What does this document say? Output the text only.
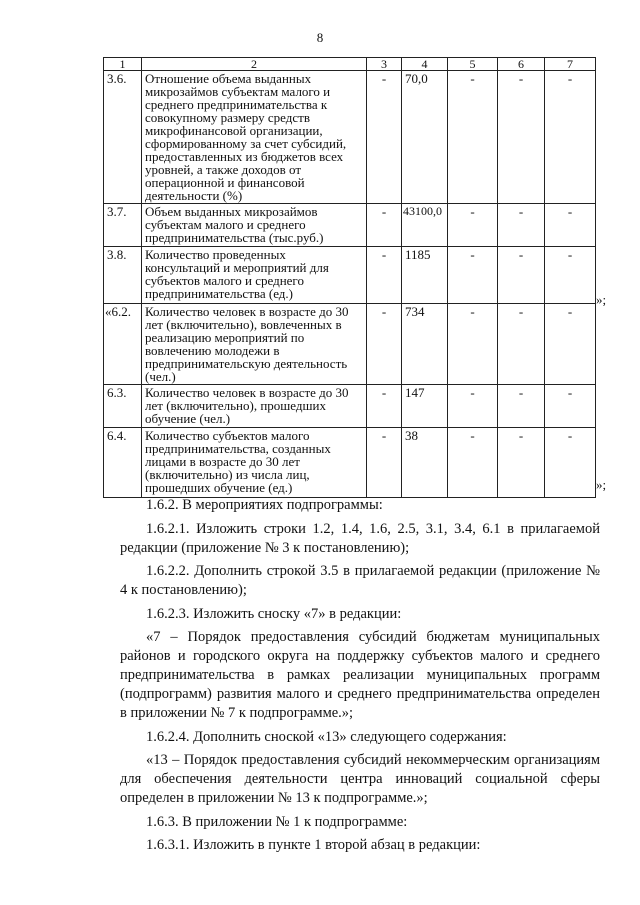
8
1	2	3	4	5	6	7
3.6.	Отношение объема выданных микрозаймов субъектам малого и среднего предпринимательства к совокупному размеру средств микрофинансовой организации, сформированному за счет субсидий, предоставленных из бюджетов всех уровней, а также доходов от операционной и финансовой деятельности (%)	-	70,0	-	-	-
3.7.	Объем выданных микрозаймов субъектам малого и среднего предпринимательства (тыс.руб.)	-	43100,0	-	-	-
3.8.	Количество проведенных консультаций и мероприятий для субъектов малого и среднего предпринимательства (ед.)	-	1185	-	-	-
«6.2.	Количество человек в возрасте до 30 лет (включительно), вовлеченных в реализацию мероприятий по вовлечению молодежи в предпринимательскую деятельность (чел.)	-	734	-	-	-
6.3.	Количество человек в возрасте до 30 лет (включительно), прошедших обучение (чел.)	-	147	-	-	-
6.4.	Количество субъектов малого предпринимательства, созданных лицами в возрасте до 30 лет (включительно) из числа лиц, прошедших обучение (ед.)	-	38	-	-	-
»;
»;

1.6.2. В мероприятиях подпрограммы:

1.6.2.1. Изложить строки 1.2, 1.4, 1.6, 2.5, 3.1, 3.4, 6.1 в прилагаемой редакции (приложение № 3 к постановлению);

1.6.2.2. Дополнить строкой 3.5 в прилагаемой редакции (приложение № 4 к постановлению);

1.6.2.3. Изложить сноску «7» в редакции:

«7 – Порядок предоставления субсидий бюджетам муниципальных районов и городского округа на поддержку субъектов малого и среднего предпринимательства в рамках реализации муниципальных программ (подпрограмм) развития малого и среднего предпринимательства определен в приложении № 7 к подпрограмме.»;

1.6.2.4. Дополнить сноской «13» следующего содержания:

«13 – Порядок предоставления субсидий некоммерческим организациям для обеспечения деятельности центра инноваций социальной сферы определен в приложении № 13 к подпрограмме.»;

1.6.3. В приложении № 1 к подпрограмме:

1.6.3.1. Изложить в пункте 1 второй абзац в редакции:
